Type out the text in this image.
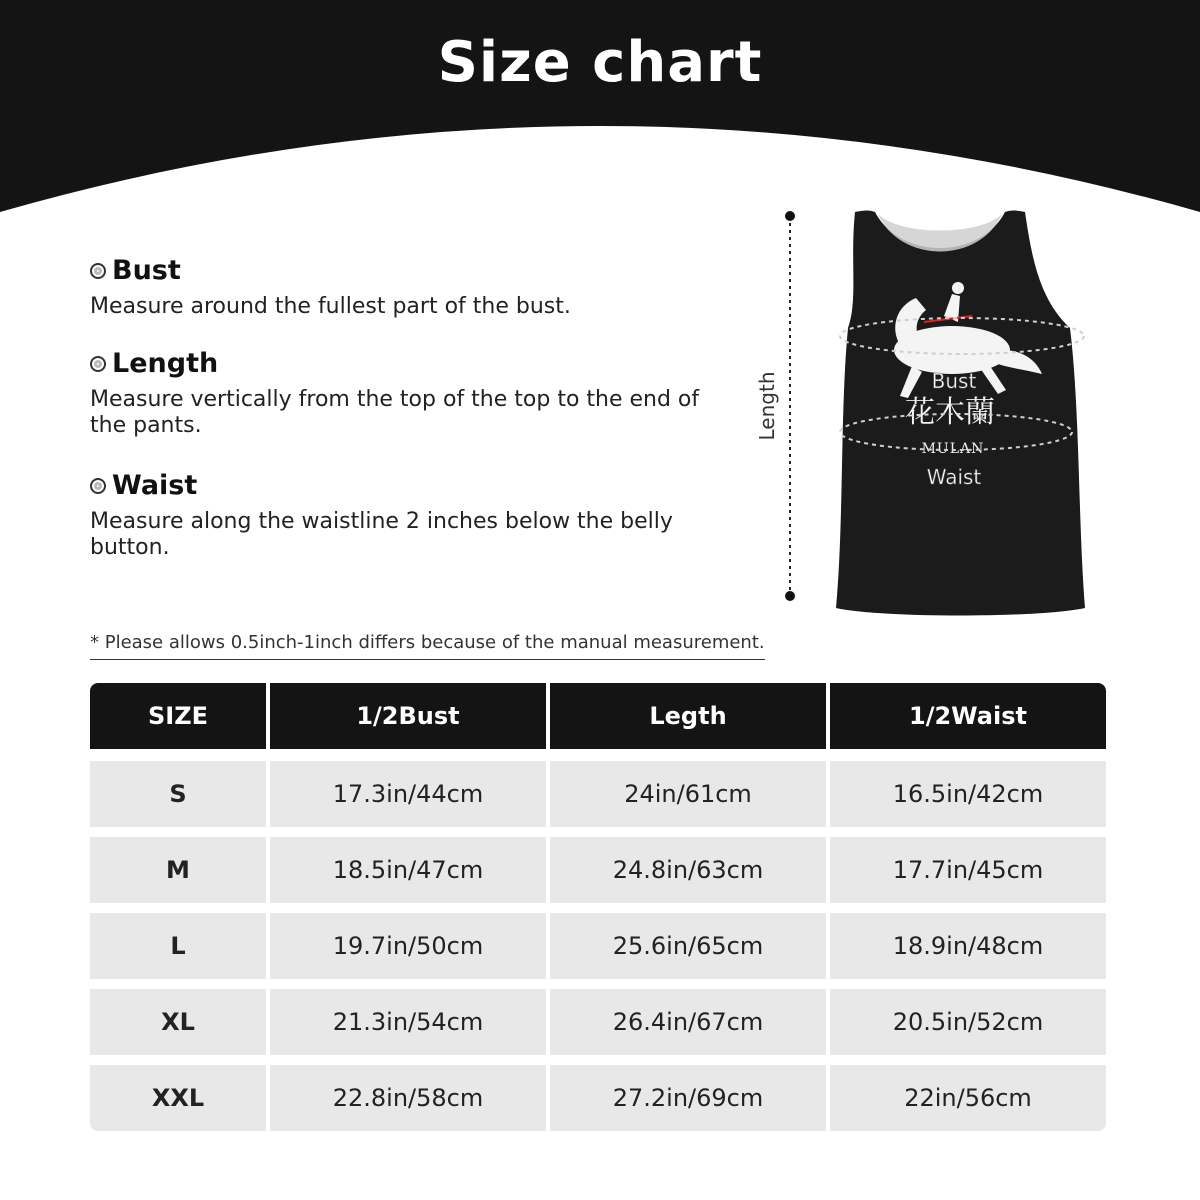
Size chart
Bust
Measure around the fullest part of the bust.
Length
Measure vertically from the top of the top to the end of
the pants.
Waist
Measure along the waistline 2 inches below the belly
button.
Length	花木蘭
MULAN
Bust
Waist
* Please allows 0.5inch-1inch differs because of the manual measurement.
SIZE	1/2Bust	Legth	1/2Waist
S	17.3in/44cm	24in/61cm	16.5in/42cm
M	18.5in/47cm	24.8in/63cm	17.7in/45cm
L	19.7in/50cm	25.6in/65cm	18.9in/48cm
XL	21.3in/54cm	26.4in/67cm	20.5in/52cm
XXL	22.8in/58cm	27.2in/69cm	22in/56cm
